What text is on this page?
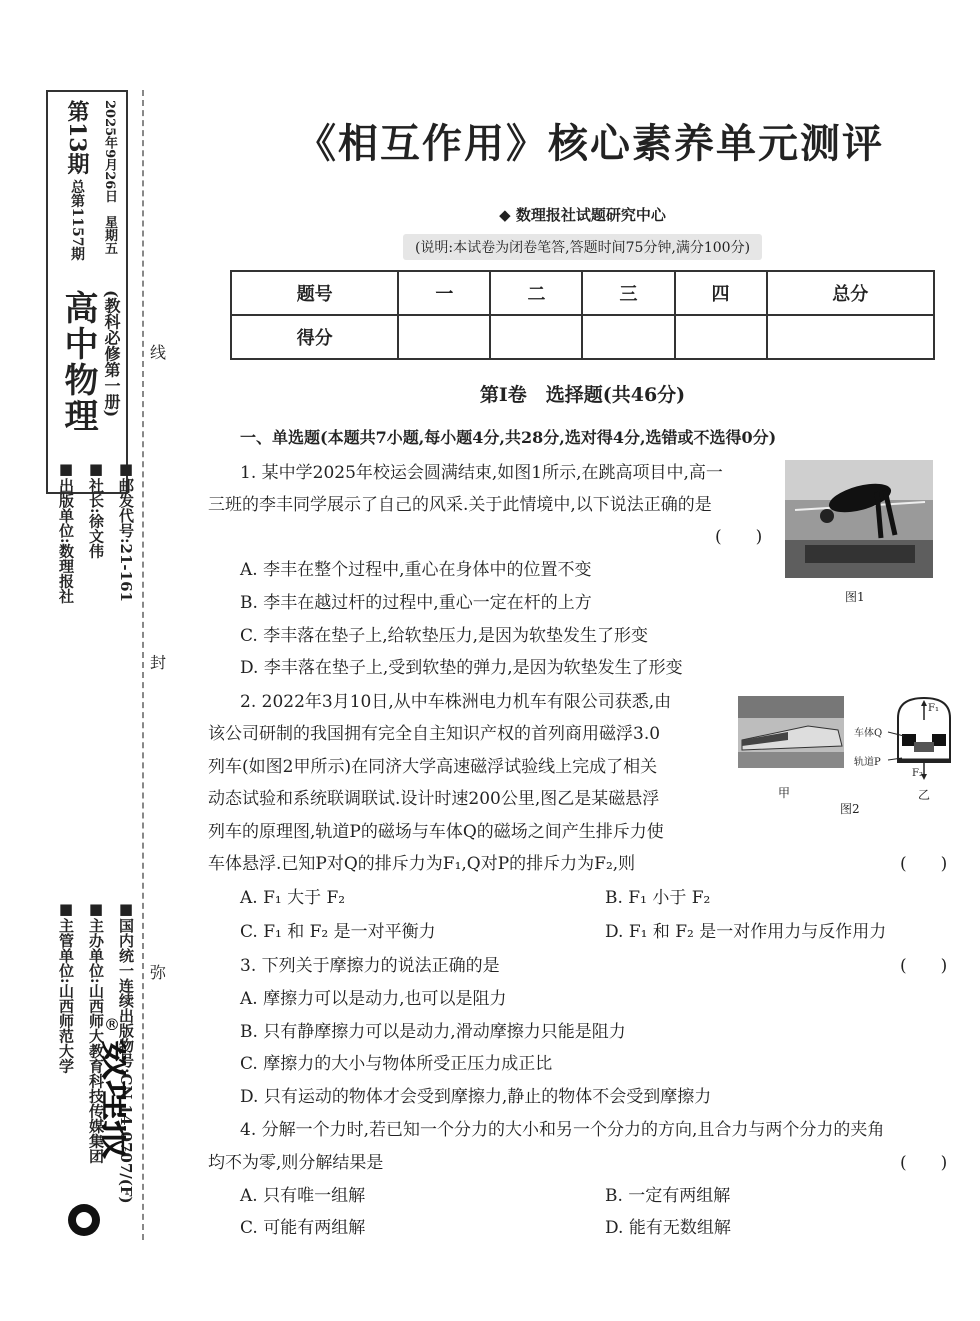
第13期 总第1157期
高中物理
2025年9月26日　星期五
(教科必修第一册)
■主管单位:山西师范大学 ■主办单位:山西师大教育科技传媒集团 ■国内统一连续出版物号:CN 14-0707/(F)
■出版单位:数理报社 ■社长:徐文伟 ■邮发代号:21-161
线
封
弥
数理报
®
《相互作用》核心素养单元测评
◆ 数理报社试题研究中心
(说明:本试卷为闭卷笔答,答题时间75分钟,满分100分)
题号	一	二	三	四	总分
得分					
第Ⅰ卷　选择题(共46分)
一、单选题(本题共7小题,每小题4分,共28分,选对得4分,选错或不选得0分)
1. 某中学2025年校运会圆满结束,如图1所示,在跳高项目中,高一
三班的李丰同学展示了自己的风采.关于此情境中,以下说法正确的是
(　　)
A. 李丰在整个过程中,重心在身体中的位置不变
B. 李丰在越过杆的过程中,重心一定在杆的上方
C. 李丰落在垫子上,给软垫压力,是因为软垫发生了形变
D. 李丰落在垫子上,受到软垫的弹力,是因为软垫发生了形变
图1
2. 2022年3月10日,从中车株洲电力机车有限公司获悉,由
该公司研制的我国拥有完全自主知识产权的首列商用磁浮3.0
列车(如图2甲所示)在同济大学高速磁浮试验线上完成了相关
动态试验和系统联调联试.设计时速200公里,图乙是某磁悬浮
列车的原理图,轨道P的磁场与车体Q的磁场之间产生排斥力使
车体悬浮.已知P对Q的排斥力为F₁,Q对P的排斥力为F₂,则	(　　)
A. F₁ 大于 F₂	B. F₁ 小于 F₂
C. F₁ 和 F₂ 是一对平衡力	D. F₁ 和 F₂ 是一对作用力与反作用力
甲
车体Q
轨道P
F₁
F₂
乙
图2
3. 下列关于摩擦力的说法正确的是	(　　)
A. 摩擦力可以是动力,也可以是阻力
B. 只有静摩擦力可以是动力,滑动摩擦力只能是阻力
C. 摩擦力的大小与物体所受正压力成正比
D. 只有运动的物体才会受到摩擦力,静止的物体不会受到摩擦力
4. 分解一个力时,若已知一个分力的大小和另一个分力的方向,且合力与两个分力的夹角
均不为零,则分解结果是	(　　)
A. 只有唯一组解	B. 一定有两组解
C. 可能有两组解	D. 能有无数组解
